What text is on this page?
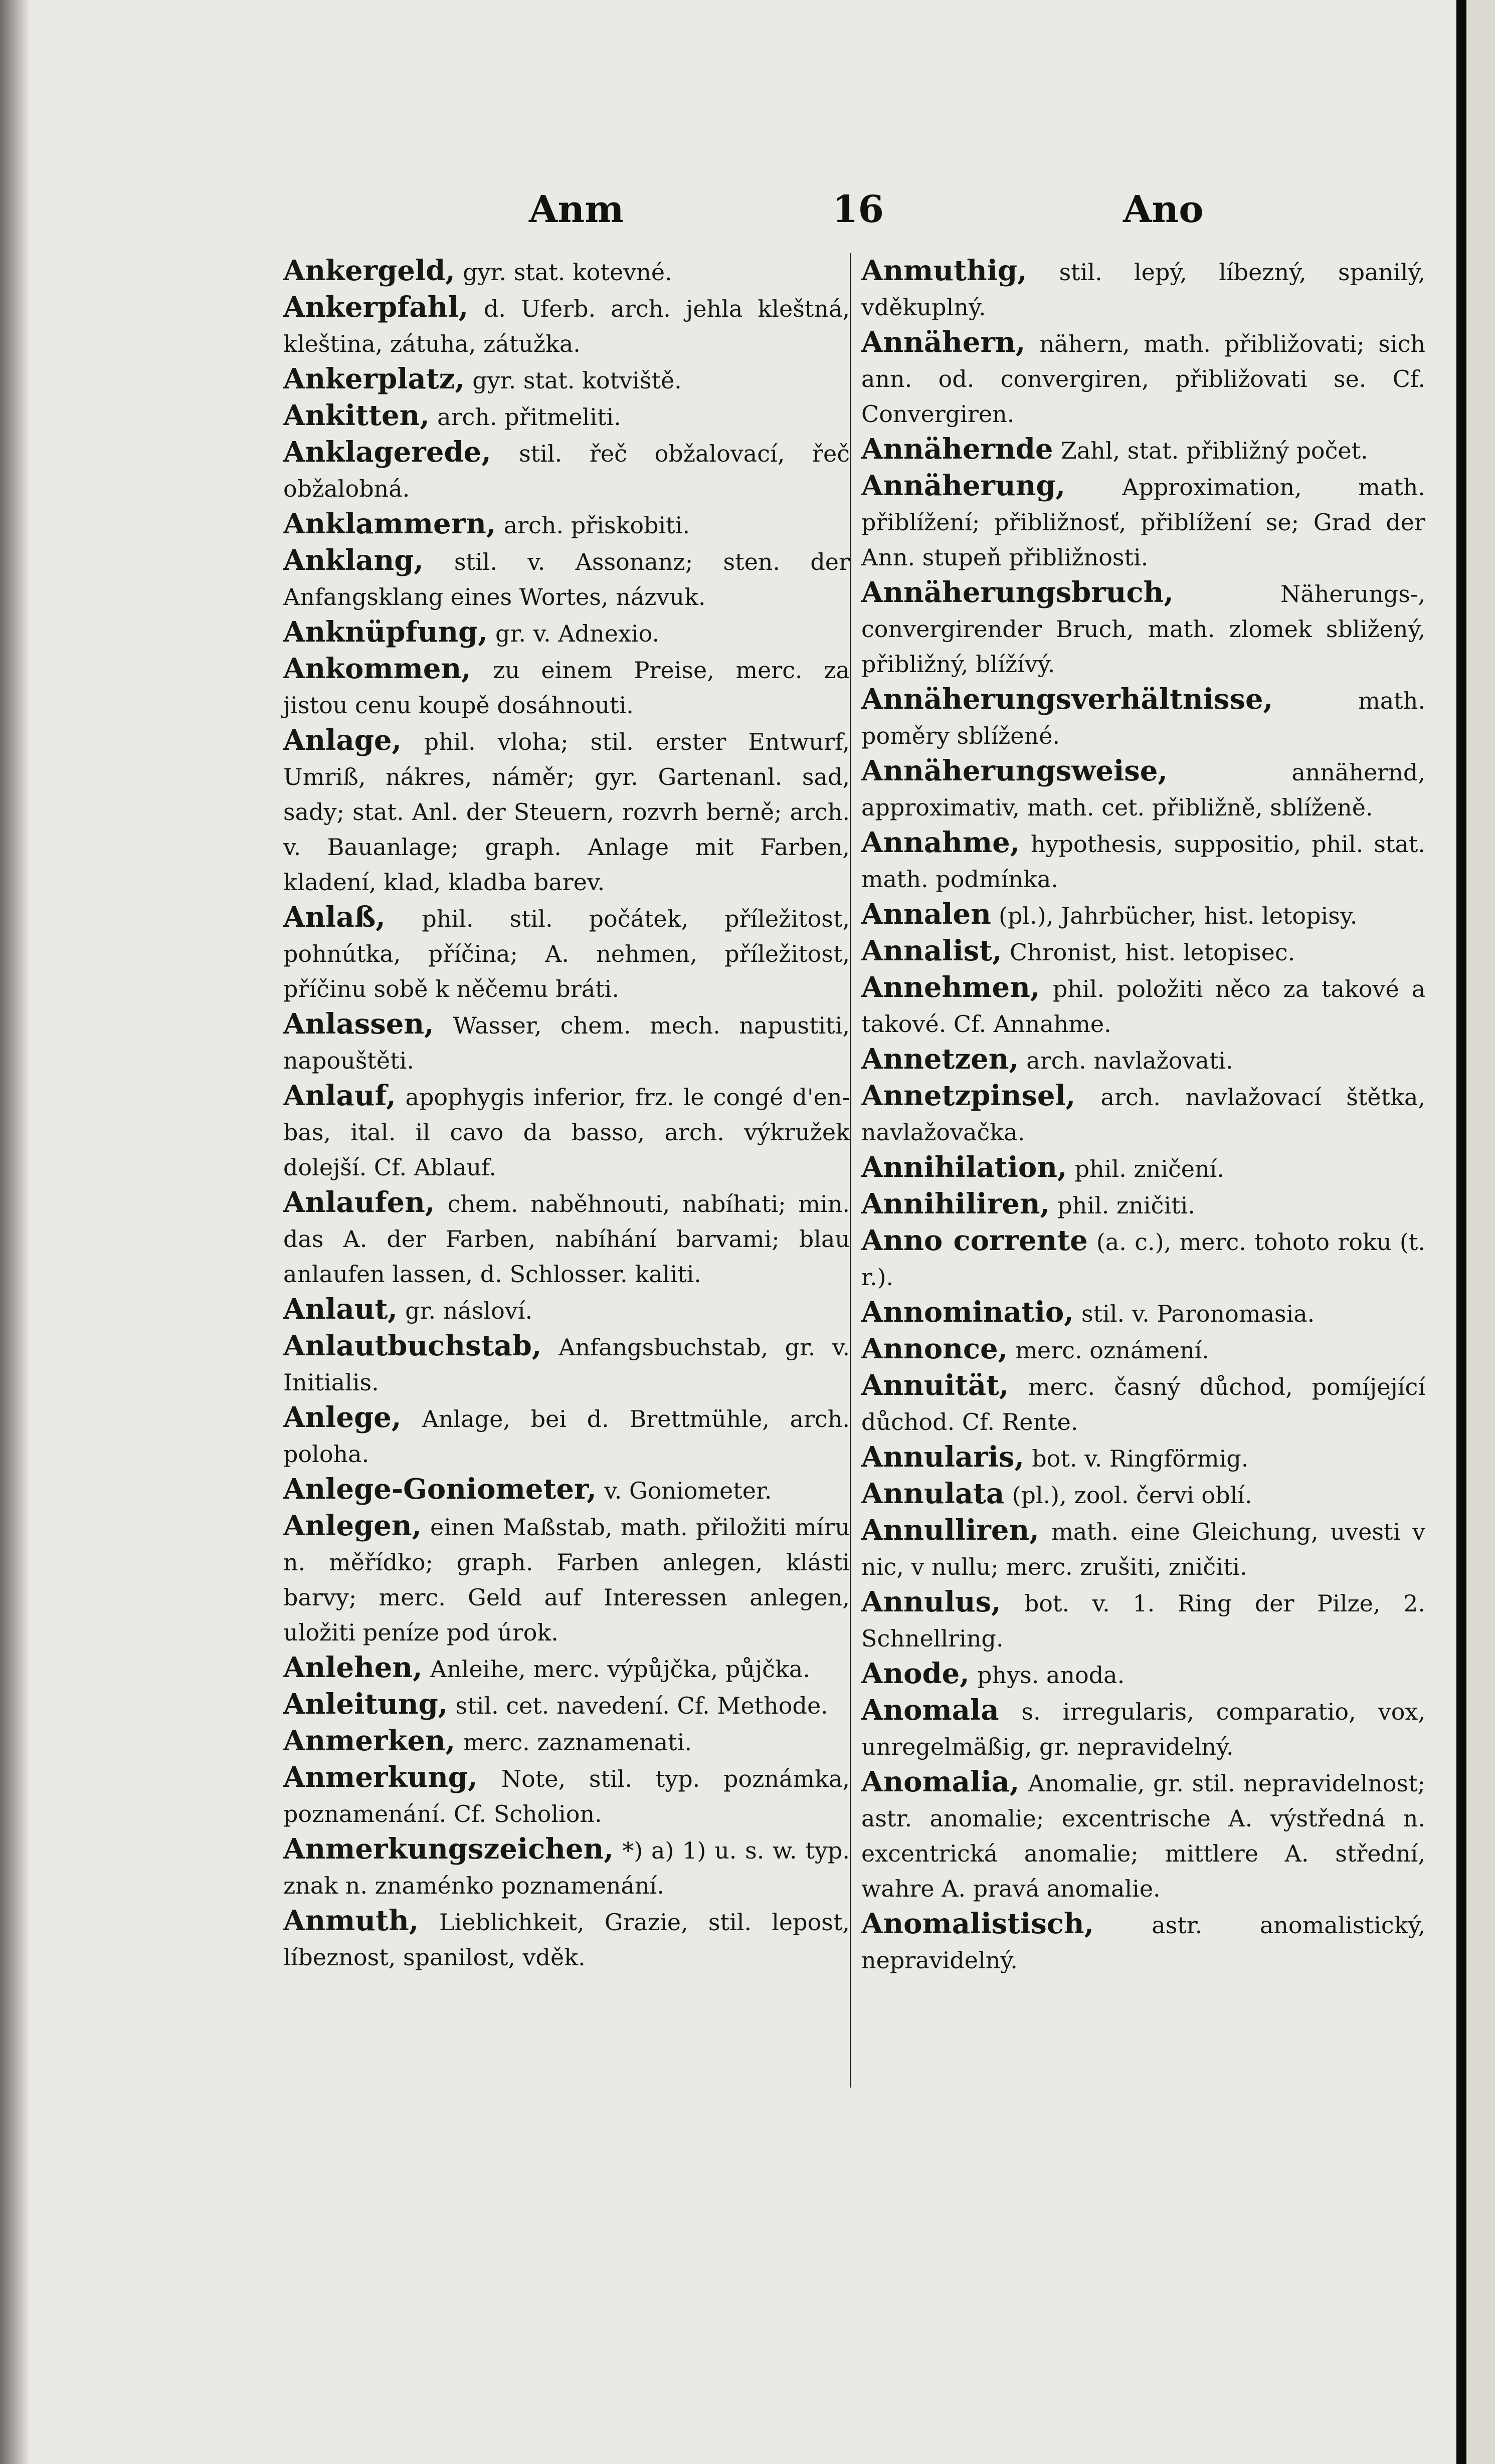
Anm	16	Ano

Ankergeld, gyr. stat. kotevné.

Ankerpfahl, d. Uferb. arch. jehla kleštná, kleština, zátuha, zátužka.

Ankerplatz, gyr. stat. kotviště.

Ankitten, arch. přitmeliti.

Anklagerede, stil. řeč obžalovací, řeč obžalobná.

Anklammern, arch. přiskobiti.

Anklang, stil. v. Assonanz; sten. der Anfangsklang eines Wortes, názvuk.

Anknüpfung, gr. v. Adnexio.

Ankommen, zu einem Preise, merc. za jistou cenu koupě dosáhnouti.

Anlage, phil. vloha; stil. erster Entwurf, Umriß, nákres, náměr; gyr. Gartenanl. sad, sady; stat. Anl. der Steuern, rozvrh berně; arch. v. Bauanlage; graph. Anlage mit Farben, kladení, klad, kladba barev.

Anlaß, phil. stil. počátek, příležitost, pohnútka, příčina; A. nehmen, příležitost, příčinu sobě k něčemu bráti.

Anlassen, Wasser, chem. mech. napustiti, napouštěti.

Anlauf, apophygis inferior, frz. le congé d'en-bas, ital. il cavo da basso, arch. výkružek dolejší. Cf. Ablauf.

Anlaufen, chem. naběhnouti, nabíhati; min. das A. der Farben, nabíhání barvami; blau anlaufen lassen, d. Schlosser. kaliti.

Anlaut, gr. násloví.

Anlautbuchstab, Anfangsbuchstab, gr. v. Initialis.

Anlege, Anlage, bei d. Brettmühle, arch. poloha.

Anlege-Goniometer, v. Goniometer.

Anlegen, einen Maßstab, math. přiložiti míru n. měřídko; graph. Farben anlegen, klásti barvy; merc. Geld auf Interessen anlegen, uložiti peníze pod úrok.

Anlehen, Anleihe, merc. výpůjčka, půjčka.

Anleitung, stil. cet. navedení. Cf. Methode.

Anmerken, merc. zaznamenati.

Anmerkung, Note, stil. typ. poznámka, poznamenání. Cf. Scholion.

Anmerkungszeichen, *) a) 1) u. s. w. typ. znak n. znaménko poznamenání.

Anmuth, Lieblichkeit, Grazie, stil. lepost, líbeznost, spanilost, vděk.

Anmuthig, stil. lepý, líbezný, spanilý, vděkuplný.

Annähern, nähern, math. přibližovati; sich ann. od. convergiren, přibližovati se. Cf. Convergiren.

Annähernde Zahl, stat. přibližný počet.

Annäherung, Approximation, math. přiblížení; přibližnosť, přiblížení se; Grad der Ann. stupeň přibližnosti.

Annäherungsbruch,	Näherungs-, convergirender Bruch, math. zlomek sbližený, přibližný, blížívý.

Annäherungsverhältnisse,	math. poměry sblížené.

Annäherungsweise,	annähernd, approximativ, math. cet. přibližně, sblíženě.

Annahme, hypothesis, suppositio, phil. stat. math. podmínka.

Annalen (pl.), Jahrbücher, hist. letopisy.

Annalist, Chronist, hist. letopisec.

Annehmen, phil. položiti něco za takové a takové. Cf. Annahme.

Annetzen, arch. navlažovati.

Annetzpinsel, arch. navlažovací štětka, navlažovačka.

Annihilation, phil. zničení.

Annihiliren, phil. zničiti.

Anno corrente (a. c.), merc. tohoto roku (t. r.).

Annominatio, stil. v. Paronomasia.

Annonce, merc. oznámení.

Annuität, merc. časný důchod, pomíjející důchod. Cf. Rente.

Annularis, bot. v. Ringförmig.

Annulata (pl.), zool. červi oblí.

Annulliren, math. eine Gleichung, uvesti v nic, v nullu; merc. zrušiti, zničiti.

Annulus, bot. v. 1. Ring der Pilze, 2. Schnellring.

Anode, phys. anoda.

Anomala s. irregularis, comparatio, vox, unregelmäßig, gr. nepravidelný.

Anomalia, Anomalie, gr. stil. nepravidelnost; astr. anomalie; excentrische A. výstředná n. excentrická anomalie; mittlere A. střední, wahre A. pravá anomalie.

Anomalistisch,	astr. anomalistický, nepravidelný.
